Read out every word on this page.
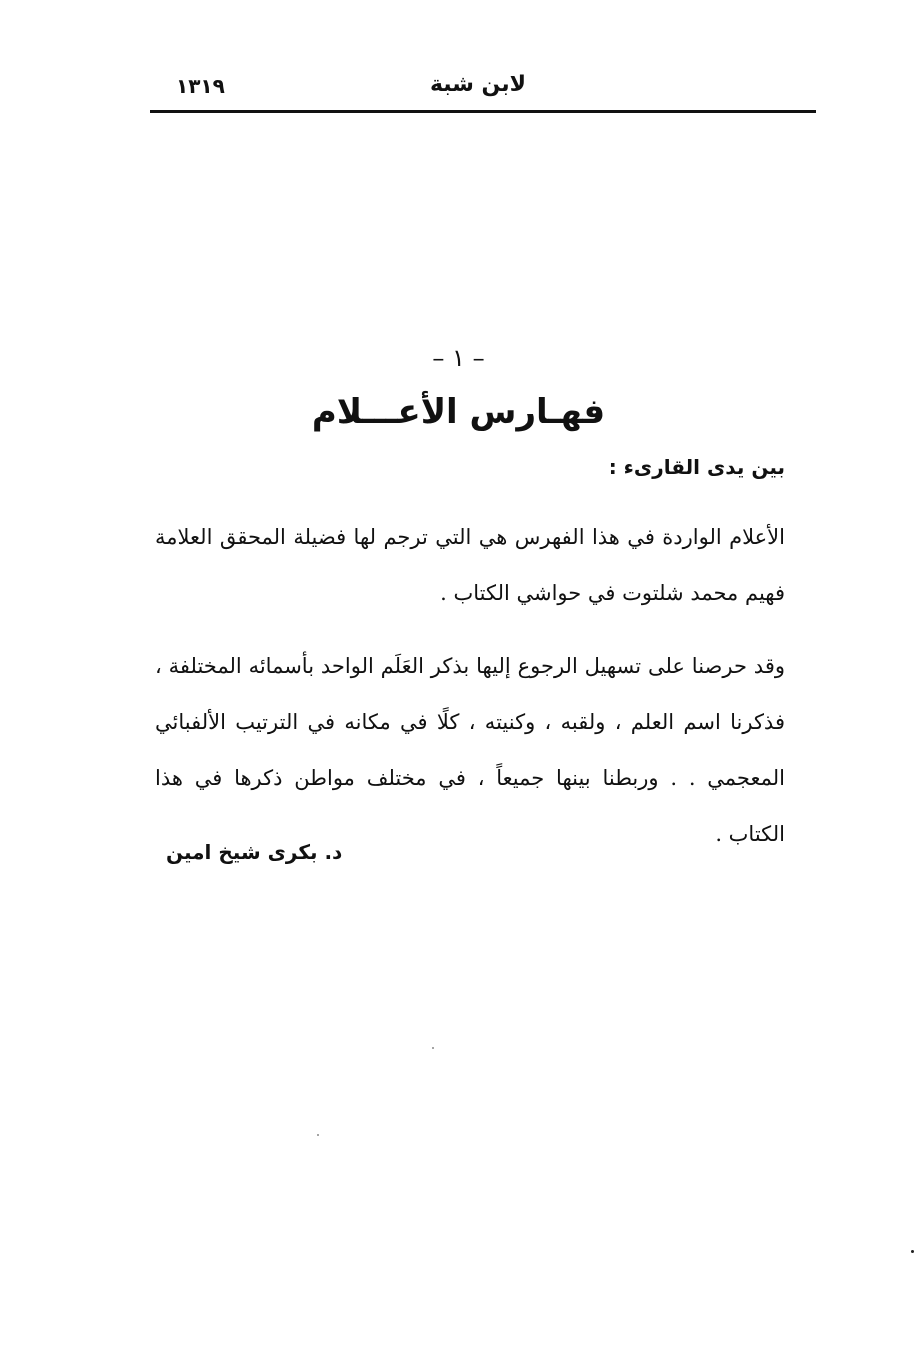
لابن شبة
١٣١٩
– ١ –
فهـارس الأعـــلام
بين يدى القارىء :

الأعلام الواردة في هذا الفهرس هي التي ترجم لها فضيلة المحقق العلامة فهيم محمد شلتوت في حواشي الكتاب .

وقد حرصنا على تسهيل الرجوع إليها بذكر العَلَم الواحد بأسمائه المختلفة ، فذكرنا اسم العلم ، ولقبه ، وكنيته ، كلًا في مكانه في الترتيب الألفبائي المعجمي . . وربطنا بينها جميعاً ، في مختلف مواطن ذكرها في هذا الكتاب .

د. بكرى شيخ امين
